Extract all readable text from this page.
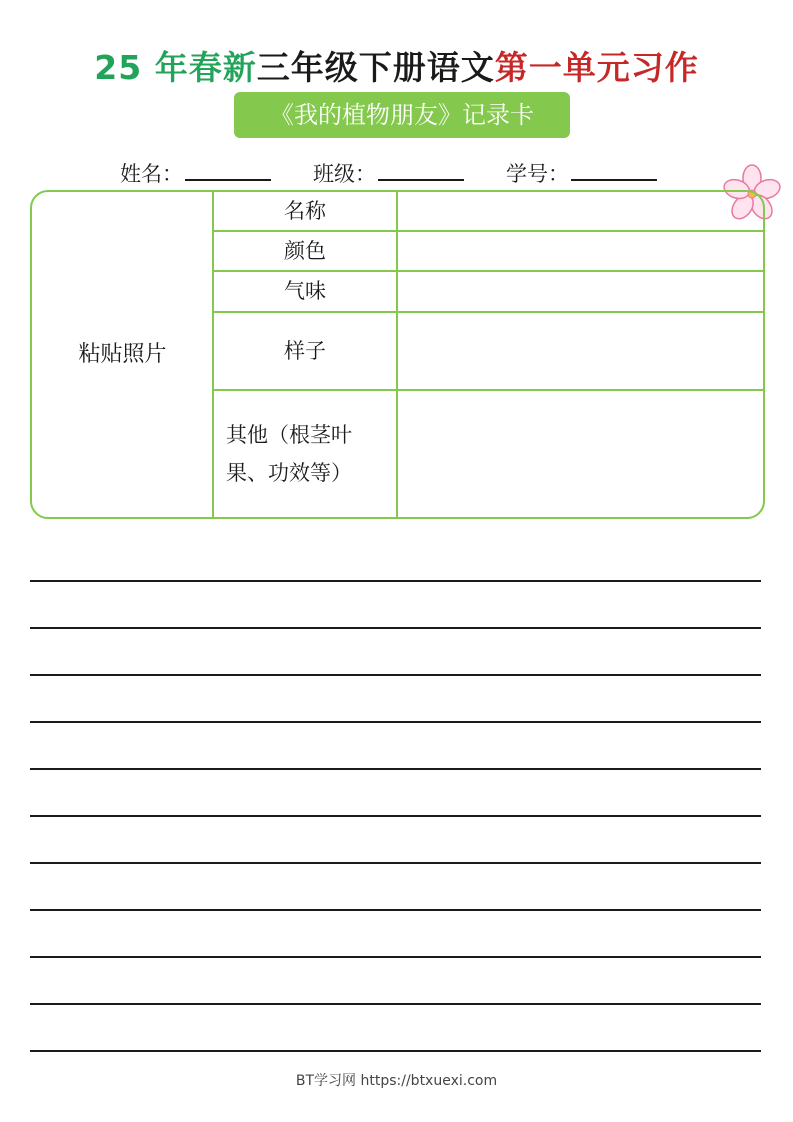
25 年春新三年级下册语文第一单元习作
《我的植物朋友》记录卡
姓名：	班级：	学号：
粘贴照片
名称
颜色
气味
样子
其他（根茎叶
果、功效等）
BT学习网 https://btxuexi.com
